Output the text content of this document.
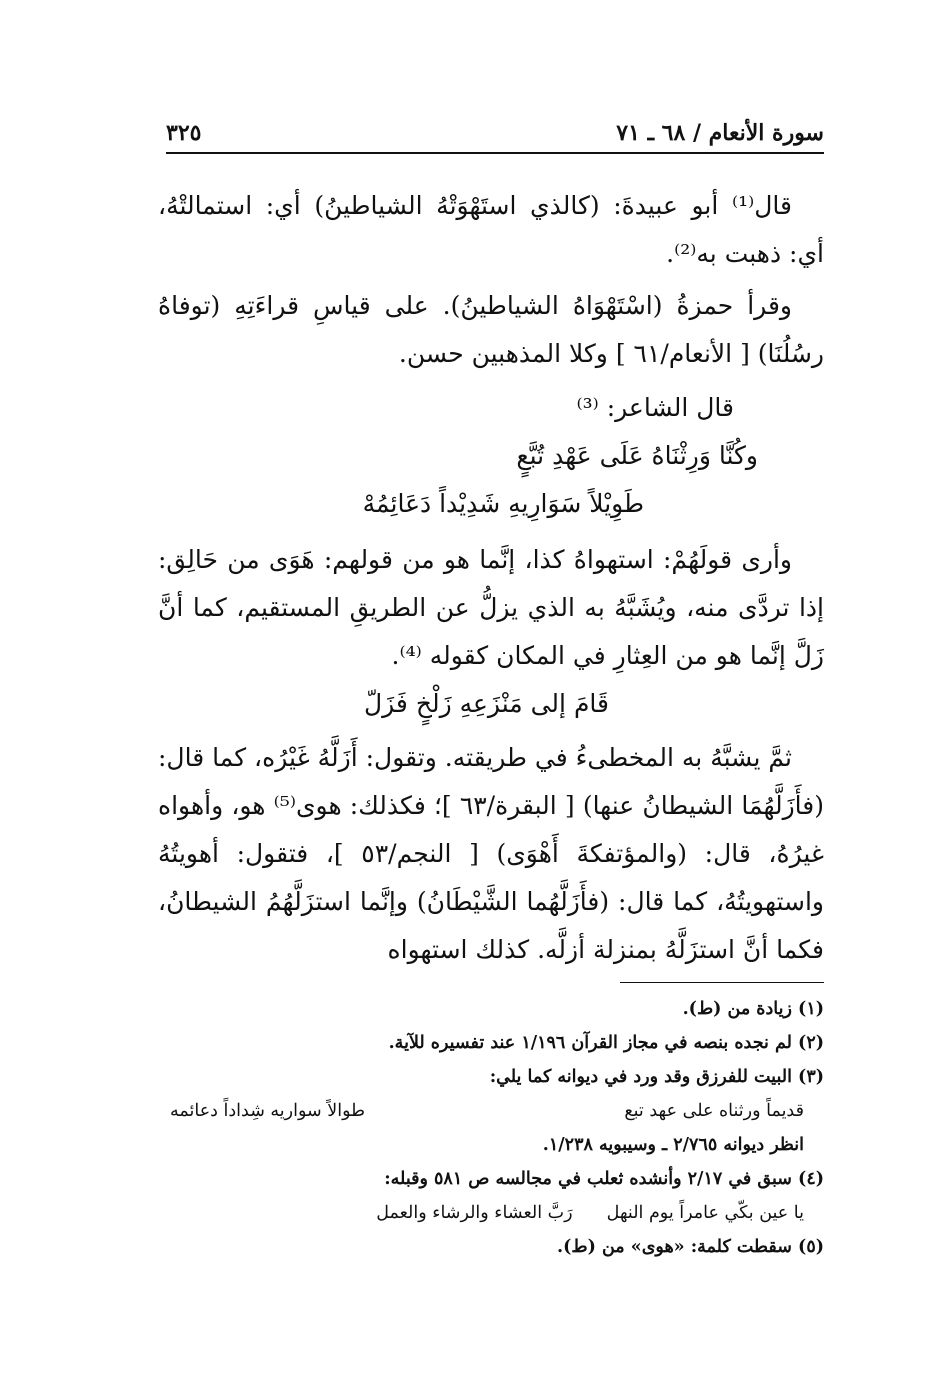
سورة الأنعام / ٦٨ ـ ٧١
٣٢٥

قال⁽¹⁾ أبو عبيدةَ: (كالذي استَهْوَتْهُ الشياطينُ) أي: استمالتْهُ، أي: ذهبت به⁽²⁾.

وقرأ حمزةُ (اسْتَهْوَاهُ الشياطينُ). على قياسِ قراءَتِهِ (توفاهُ رسُلُنَا) [ الأنعام/٦١ ] وكلا المذهبين حسن.

قال الشاعر: ⁽³⁾

وكُنَّا وَرِثْنَاهُ عَلَى عَهْدِ تُبَّعٍ
طَوِيْلاً سَوَارِيهِ شَدِيْداً دَعَائِمُهْ

وأرى قولَهُمْ: استهواهُ كذا، إنَّما هو من قولهم: هَوَى من حَالِق: إذا تردَّى منه، ويُشَبَّهُ به الذي يزلُّ عن الطريقِ المستقيم، كما أنَّ زَلَّ إنَّما هو من العِثارِ في المكان كقوله ⁽⁴⁾.

قَامَ إلى مَنْزَعِهِ زَلْخٍ فَزَلّ

ثمَّ يشبَّهُ به المخطىءُ في طريقته. وتقول: أَزَلَّهُ غَيْرُه، كما قال: (فأَزَلَّهُمَا الشيطانُ عنها) [ البقرة/٦٣ ]؛ فكذلك: هوى⁽⁵⁾ هو، وأهواه غيرُهُ، قال: (والمؤتفكةَ أَهْوَى) [ النجم/٥٣ ]، فتقول: أهويتُهُ واستهويتُهُ، كما قال: (فأَزَلَّهُما الشَّيْطَانُ) وإنَّما استزَلَّهُمُ الشيطانُ، فكما أنَّ استزَلَّهُ بمنزلة أزلَّه. كذلك استهواه

(١) زيادة من (ط).
(٢) لم نجده بنصه في مجاز القرآن ١/١٩٦ عند تفسيره للآية.
(٣) البيت للفرزق وقد ورد في ديوانه كما يلي:
قديماً ورثناه على عهد تبع
طوالاً سواريه شِداداً دعائمه
انظر ديوانه ٢/٧٦٥ ـ وسيبويه ١/٢٣٨.
(٤) سبق في ٢/١٧ وأنشده ثعلب في مجالسه ص ٥٨١ وقبله:
يا عين بكّي عامراً يوم النهلرَبَّ العشاء والرشاء والعمل
(٥) سقطت كلمة: «هوى» من (ط).
